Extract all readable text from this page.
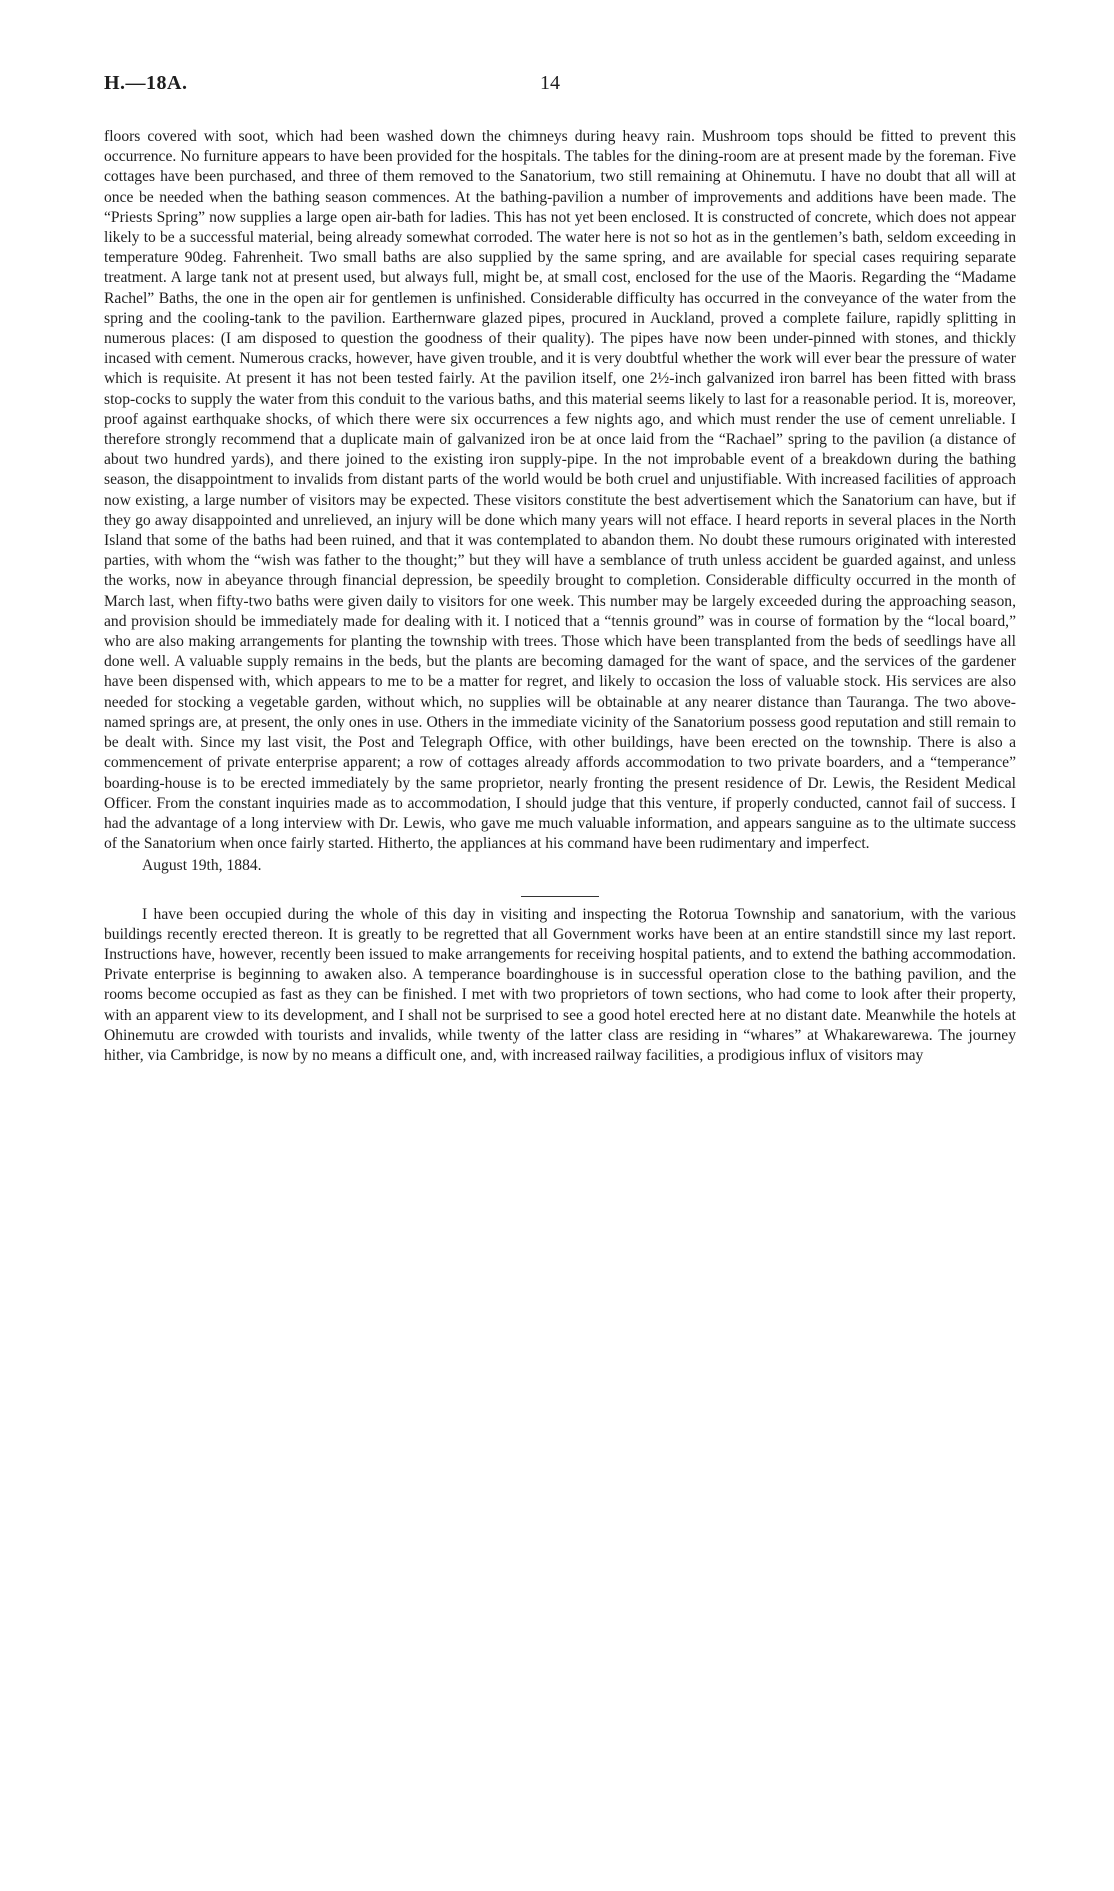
H.—18A.	14

floors covered with soot, which had been washed down the chimneys during heavy rain. Mushroom tops should be fitted to prevent this occurrence. No furniture appears to have been provided for the hospitals. The tables for the dining-room are at present made by the foreman. Five cottages have been purchased, and three of them removed to the Sanatorium, two still remaining at Ohinemutu. I have no doubt that all will at once be needed when the bathing season commences. At the bathing-pavilion a number of improvements and additions have been made. The “Priests Spring” now supplies a large open air-bath for ladies. This has not yet been enclosed. It is constructed of concrete, which does not appear likely to be a successful material, being already somewhat corroded. The water here is not so hot as in the gentlemen’s bath, seldom exceeding in temperature 90deg. Fahrenheit. Two small baths are also supplied by the same spring, and are available for special cases requiring separate treatment. A large tank not at present used, but always full, might be, at small cost, enclosed for the use of the Maoris. Regarding the “Madame Rachel” Baths, the one in the open air for gentlemen is unfinished. Considerable difficulty has occurred in the conveyance of the water from the spring and the cooling-tank to the pavilion. Earthernware glazed pipes, procured in Auckland, proved a complete failure, rapidly splitting in numerous places: (I am disposed to question the goodness of their quality). The pipes have now been under-pinned with stones, and thickly incased with cement. Numerous cracks, however, have given trouble, and it is very doubtful whether the work will ever bear the pressure of water which is requisite. At present it has not been tested fairly. At the pavilion itself, one 2½-inch galvanized iron barrel has been fitted with brass stop-cocks to supply the water from this conduit to the various baths, and this material seems likely to last for a reasonable period. It is, moreover, proof against earthquake shocks, of which there were six occurrences a few nights ago, and which must render the use of cement unreliable. I therefore strongly recommend that a duplicate main of galvanized iron be at once laid from the “Rachael” spring to the pavilion (a distance of about two hundred yards), and there joined to the existing iron supply-pipe. In the not improbable event of a breakdown during the bathing season, the disappointment to invalids from distant parts of the world would be both cruel and unjustifiable. With increased facilities of approach now existing, a large number of visitors may be expected. These visitors constitute the best advertisement which the Sanatorium can have, but if they go away disappointed and unrelieved, an injury will be done which many years will not efface. I heard reports in several places in the North Island that some of the baths had been ruined, and that it was contemplated to abandon them. No doubt these rumours originated with interested parties, with whom the “wish was father to the thought;” but they will have a semblance of truth unless accident be guarded against, and unless the works, now in abeyance through financial depression, be speedily brought to completion. Considerable difficulty occurred in the month of March last, when fifty-two baths were given daily to visitors for one week. This number may be largely exceeded during the approaching season, and provision should be immediately made for dealing with it. I noticed that a “tennis ground” was in course of formation by the “local board,” who are also making arrangements for planting the township with trees. Those which have been transplanted from the beds of seedlings have all done well. A valuable supply remains in the beds, but the plants are becoming damaged for the want of space, and the services of the gardener have been dispensed with, which appears to me to be a matter for regret, and likely to occasion the loss of valuable stock. His services are also needed for stocking a vegetable garden, without which, no supplies will be obtainable at any nearer distance than Tauranga. The two above-named springs are, at present, the only ones in use. Others in the immediate vicinity of the Sanatorium possess good reputation and still remain to be dealt with. Since my last visit, the Post and Telegraph Office, with other buildings, have been erected on the township. There is also a commencement of private enterprise apparent; a row of cottages already affords accommodation to two private boarders, and a “temperance” boarding-house is to be erected immediately by the same proprietor, nearly fronting the present residence of Dr. Lewis, the Resident Medical Officer. From the constant inquiries made as to accommodation, I should judge that this venture, if properly conducted, cannot fail of success. I had the advantage of a long interview with Dr. Lewis, who gave me much valuable information, and appears sanguine as to the ultimate success of the Sanatorium when once fairly started. Hitherto, the appliances at his command have been rudimentary and imperfect.

August 19th, 1884.

I have been occupied during the whole of this day in visiting and inspecting the Rotorua Township and sanatorium, with the various buildings recently erected thereon. It is greatly to be regretted that all Government works have been at an entire standstill since my last report. Instructions have, however, recently been issued to make arrangements for receiving hospital patients, and to extend the bathing accommodation. Private enterprise is beginning to awaken also. A temperance boardinghouse is in successful operation close to the bathing pavilion, and the rooms become occupied as fast as they can be finished. I met with two proprietors of town sections, who had come to look after their property, with an apparent view to its development, and I shall not be surprised to see a good hotel erected here at no distant date. Meanwhile the hotels at Ohinemutu are crowded with tourists and invalids, while twenty of the latter class are residing in “whares” at Whakarewarewa. The journey hither, via Cambridge, is now by no means a difficult one, and, with increased railway facilities, a prodigious influx of visitors may
